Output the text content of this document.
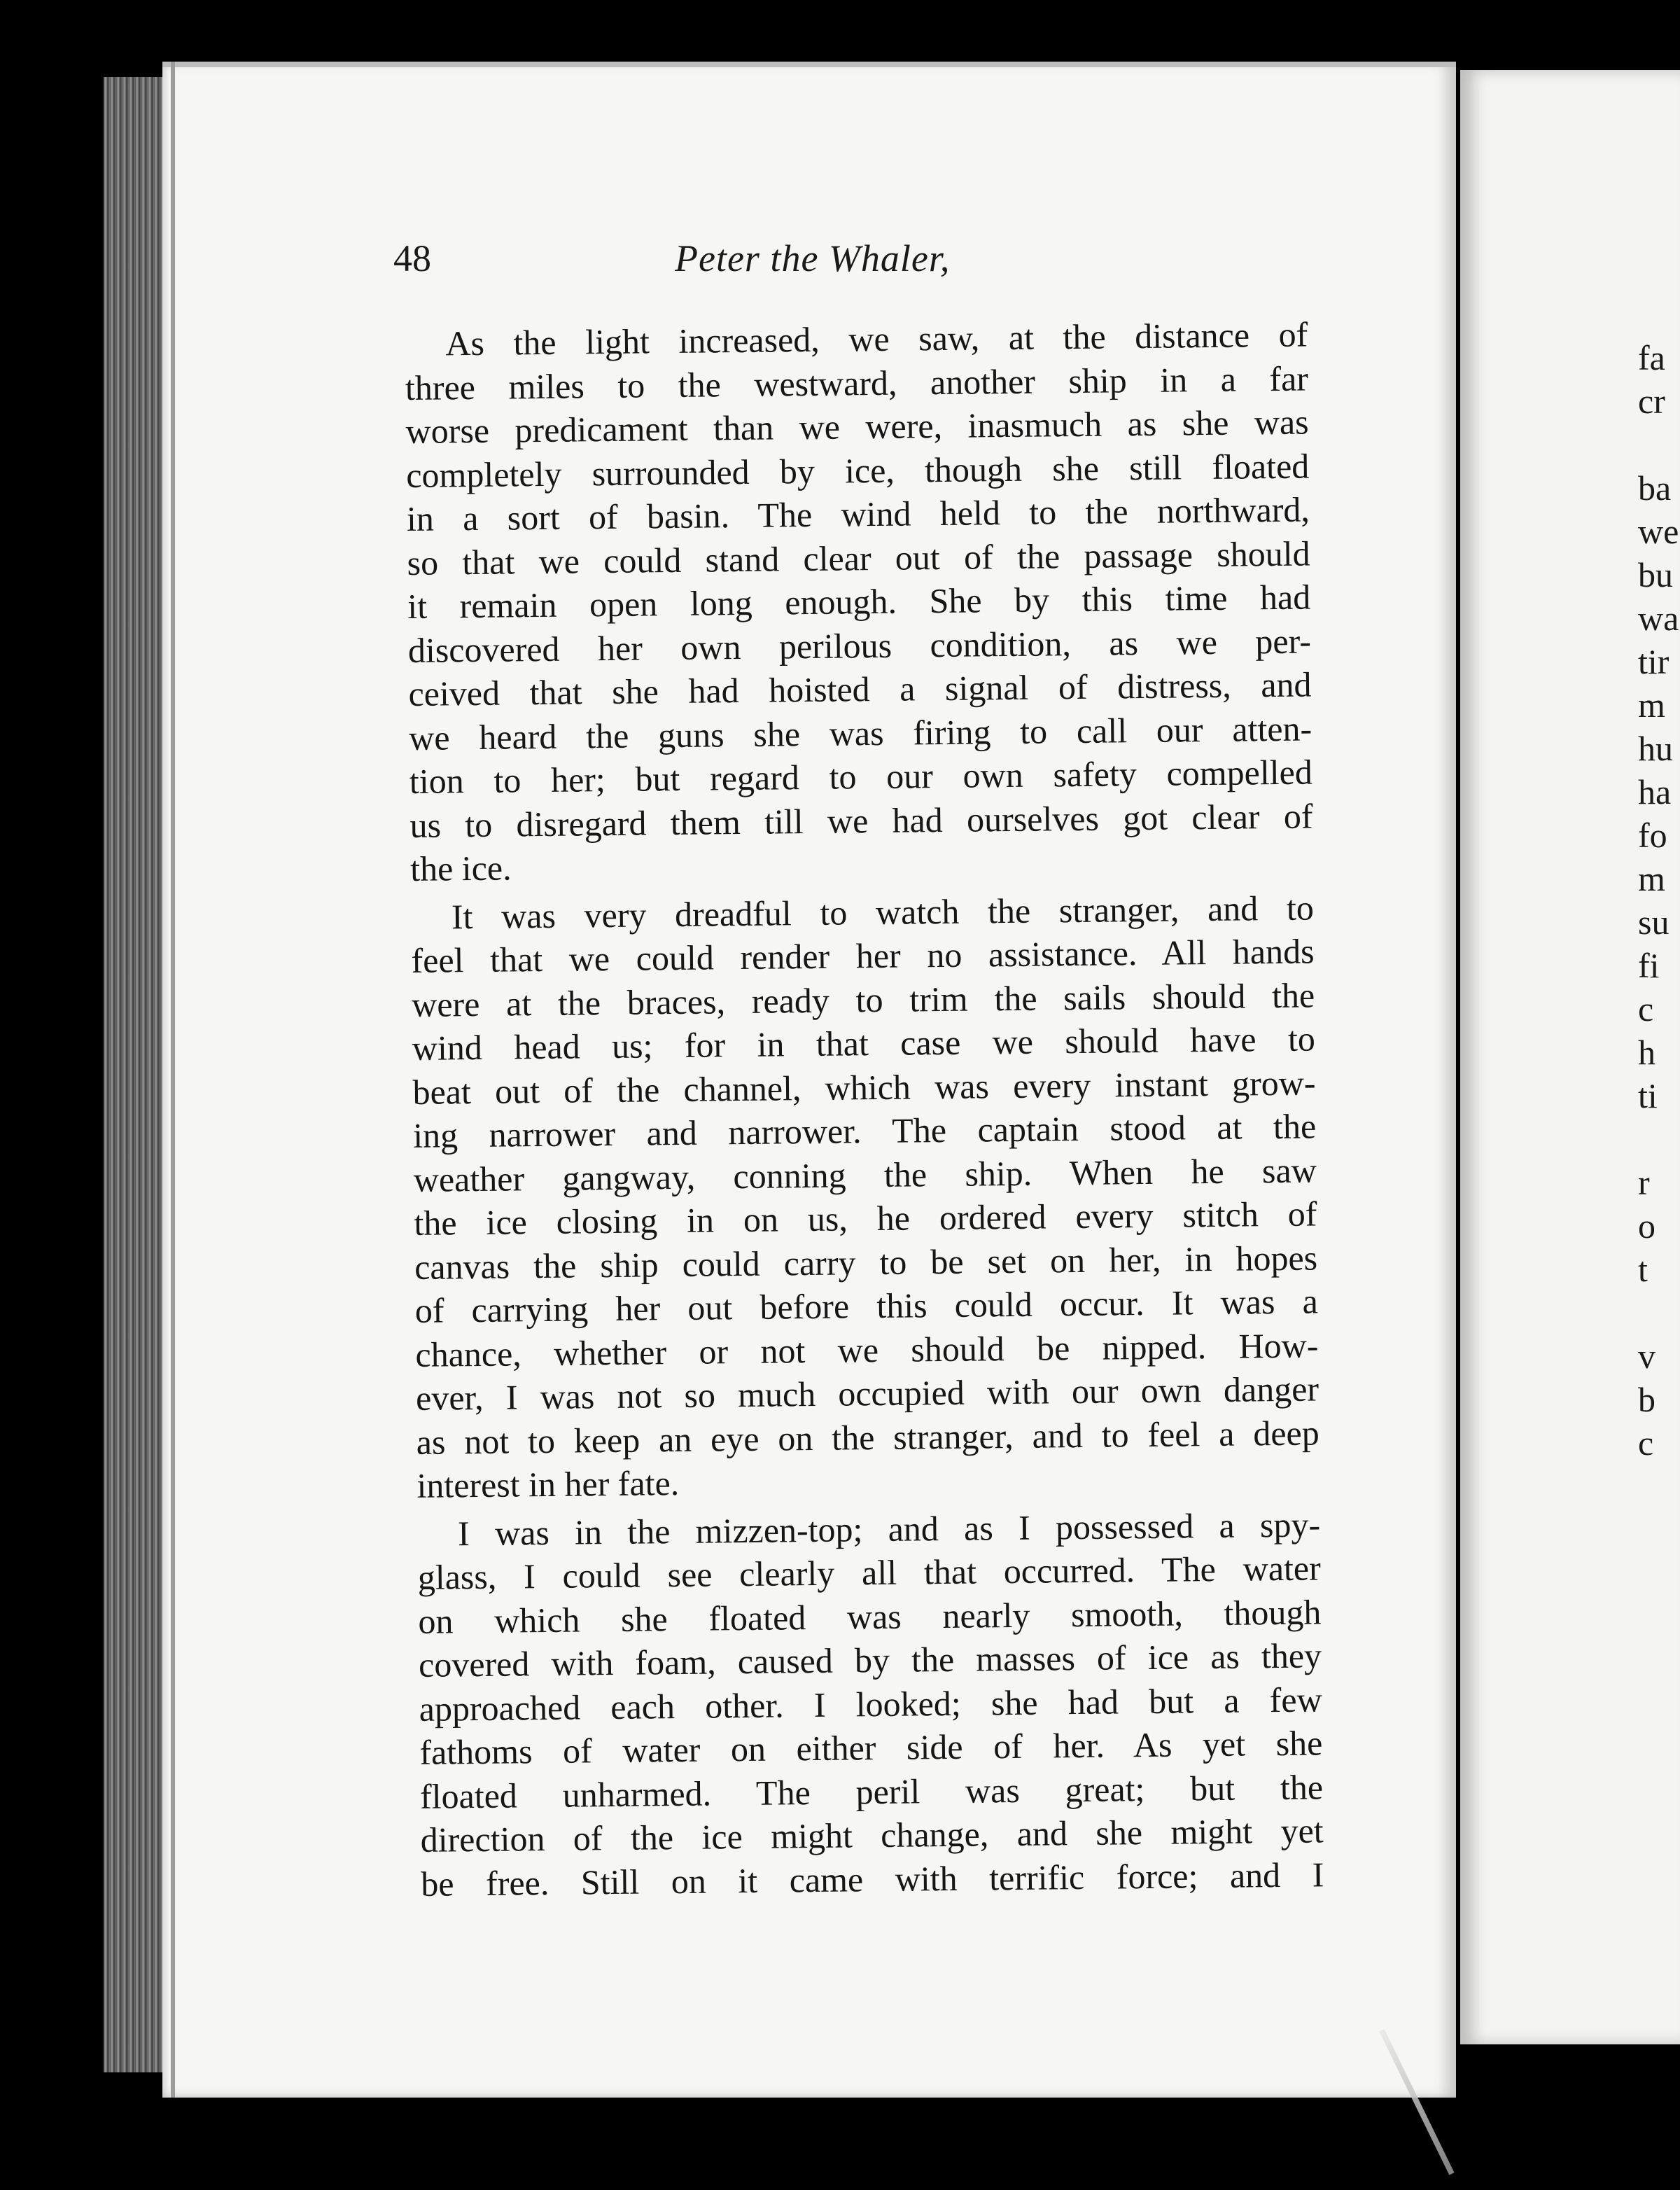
48	Peter the Whaler,

As the light increased, we saw, at the distance of
three miles to the westward, another ship in a far
worse predicament than we were, inasmuch as she was
completely surrounded by ice, though she still floated
in a sort of basin. The wind held to the northward,
so that we could stand clear out of the passage should
it remain open long enough. She by this time had
discovered her own perilous condition, as we per-
ceived that she had hoisted a signal of distress, and
we heard the guns she was firing to call our atten-
tion to her; but regard to our own safety compelled
us to disregard them till we had ourselves got clear of
the ice.

It was very dreadful to watch the stranger, and to
feel that we could render her no assistance. All hands
were at the braces, ready to trim the sails should the
wind head us; for in that case we should have to
beat out of the channel, which was every instant grow-
ing narrower and narrower. The captain stood at the
weather gangway, conning the ship. When he saw
the ice closing in on us, he ordered every stitch of
canvas the ship could carry to be set on her, in hopes
of carrying her out before this could occur. It was a
chance, whether or not we should be nipped. How-
ever, I was not so much occupied with our own danger
as not to keep an eye on the stranger, and to feel a deep
interest in her fate.

I was in the mizzen-top; and as I possessed a spy-
glass, I could see clearly all that occurred. The water
on which she floated was nearly smooth, though
covered with foam, caused by the masses of ice as they
approached each other. I looked; she had but a few
fathoms of water on either side of her. As yet she
floated unharmed. The peril was great; but the
direction of the ice might change, and she might yet
be free. Still on it came with terrific force; and I

fa
cr
ba
we
bu
wa
tir
m
hu
ha
fo
m
su
fi
c
h
ti
r
o
t
v
b
c
